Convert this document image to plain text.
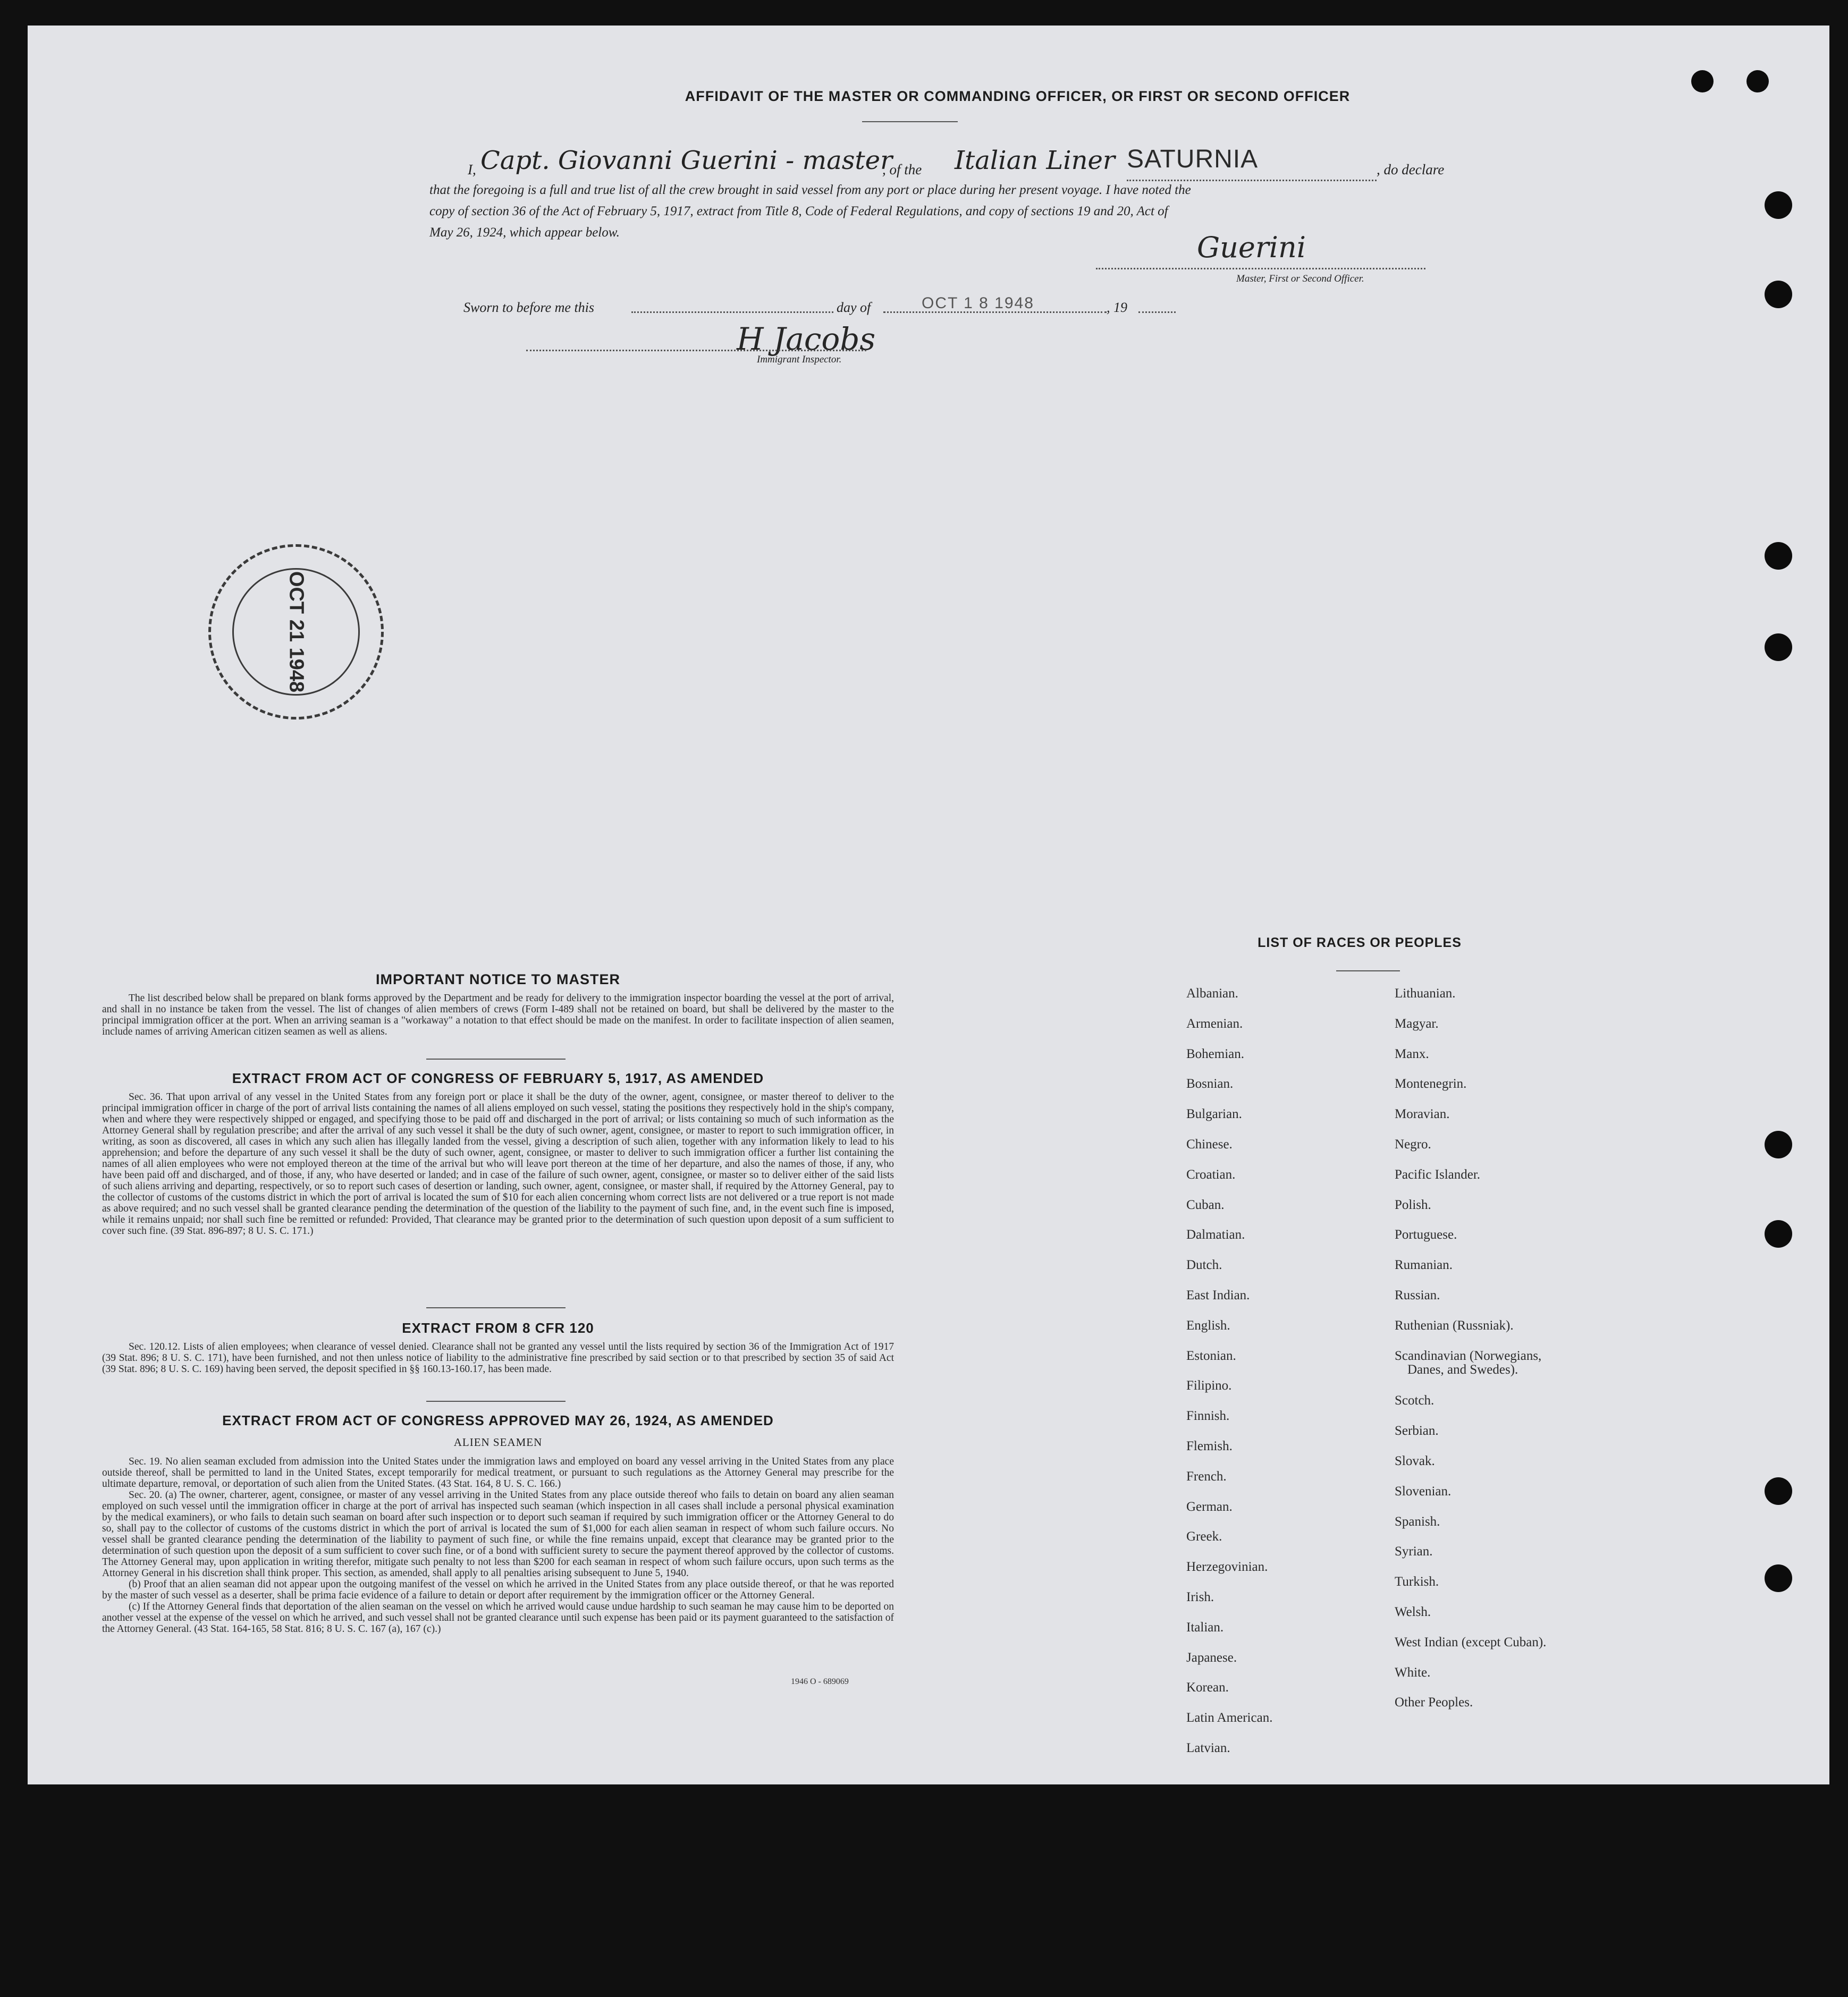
AFFIDAVIT OF THE MASTER OR COMMANDING OFFICER, OR FIRST OR SECOND OFFICER
I, Capt. Giovanni Guerini - master
, of the Italian Liner SATURNIA	, do declare
that the foregoing is a full and true list of all the crew brought in said vessel from any port or place during her present voyage. I have noted the
copy of section 36 of the Act of February 5, 1917, extract from Title 8, Code of Federal Regulations, and copy of sections 19 and 20, Act of
May 26, 1924, which appear below.	Guerini
Master, First or Second Officer.
Sworn to before me this	day of	OCT 1 8 1948	, 19
H Jacobs
Immigrant Inspector.
OCT 21 1948
IMPORTANT NOTICE TO MASTER

The list described below shall be prepared on blank forms approved by the Department and be ready for delivery to the immigration inspector boarding the vessel at the port of arrival, and shall in no instance be taken from the vessel. The list of changes of alien members of crews (Form I-489 shall not be retained on board, but shall be delivered by the master to the principal immigration officer at the port. When an arriving seaman is a "workaway" a notation to that effect should be made on the manifest. In order to facilitate inspection of alien seamen, include names of arriving American citizen seamen as well as aliens.

EXTRACT FROM ACT OF CONGRESS OF FEBRUARY 5, 1917, AS AMENDED

Sec. 36. That upon arrival of any vessel in the United States from any foreign port or place it shall be the duty of the owner, agent, consignee, or master thereof to deliver to the principal immigration officer in charge of the port of arrival lists containing the names of all aliens employed on such vessel, stating the positions they respectively hold in the ship's company, when and where they were respectively shipped or engaged, and specifying those to be paid off and discharged in the port of arrival; or lists containing so much of such information as the Attorney General shall by regulation prescribe; and after the arrival of any such vessel it shall be the duty of such owner, agent, consignee, or master to report to such immigration officer, in writing, as soon as discovered, all cases in which any such alien has illegally landed from the vessel, giving a description of such alien, together with any information likely to lead to his apprehension; and before the departure of any such vessel it shall be the duty of such owner, agent, consignee, or master to deliver to such immigration officer a further list containing the names of all alien employees who were not employed thereon at the time of the arrival but who will leave port thereon at the time of her departure, and also the names of those, if any, who have been paid off and discharged, and of those, if any, who have deserted or landed; and in case of the failure of such owner, agent, consignee, or master so to deliver either of the said lists of such aliens arriving and departing, respectively, or so to report such cases of desertion or landing, such owner, agent, consignee, or master shall, if required by the Attorney General, pay to the collector of customs of the customs district in which the port of arrival is located the sum of $10 for each alien concerning whom correct lists are not delivered or a true report is not made as above required; and no such vessel shall be granted clearance pending the determination of the question of the liability to the payment of such fine, and, in the event such fine is imposed, while it remains unpaid; nor shall such fine be remitted or refunded: Provided, That clearance may be granted prior to the determination of such question upon deposit of a sum sufficient to cover such fine. (39 Stat. 896-897; 8 U. S. C. 171.)

EXTRACT FROM 8 CFR 120

Sec. 120.12. Lists of alien employees; when clearance of vessel denied. Clearance shall not be granted any vessel until the lists required by section 36 of the Immigration Act of 1917 (39 Stat. 896; 8 U. S. C. 171), have been furnished, and not then unless notice of liability to the administrative fine prescribed by said section or to that prescribed by section 35 of said Act (39 Stat. 896; 8 U. S. C. 169) having been served, the deposit specified in §§ 160.13-160.17, has been made.

EXTRACT FROM ACT OF CONGRESS APPROVED MAY 26, 1924, AS AMENDED
ALIEN SEAMEN

Sec. 19. No alien seaman excluded from admission into the United States under the immigration laws and employed on board any vessel arriving in the United States from any place outside thereof, shall be permitted to land in the United States, except temporarily for medical treatment, or pursuant to such regulations as the Attorney General may prescribe for the ultimate departure, removal, or deportation of such alien from the United States. (43 Stat. 164, 8 U. S. C. 166.)

Sec. 20. (a) The owner, charterer, agent, consignee, or master of any vessel arriving in the United States from any place outside thereof who fails to detain on board any alien seaman employed on such vessel until the immigration officer in charge at the port of arrival has inspected such seaman (which inspection in all cases shall include a personal physical examination by the medical examiners), or who fails to detain such seaman on board after such inspection or to deport such seaman if required by such immigration officer or the Attorney General to do so, shall pay to the collector of customs of the customs district in which the port of arrival is located the sum of $1,000 for each alien seaman in respect of whom such failure occurs. No vessel shall be granted clearance pending the determination of the liability to payment of such fine, or while the fine remains unpaid, except that clearance may be granted prior to the determination of such question upon the deposit of a sum sufficient to cover such fine, or of a bond with sufficient surety to secure the payment thereof approved by the collector of customs. The Attorney General may, upon application in writing therefor, mitigate such penalty to not less than $200 for each seaman in respect of whom such failure occurs, upon such terms as the Attorney General in his discretion shall think proper. This section, as amended, shall apply to all penalties arising subsequent to June 5, 1940.

(b) Proof that an alien seaman did not appear upon the outgoing manifest of the vessel on which he arrived in the United States from any place outside thereof, or that he was reported by the master of such vessel as a deserter, shall be prima facie evidence of a failure to detain or deport after requirement by the immigration officer or the Attorney General.

(c) If the Attorney General finds that deportation of the alien seaman on the vessel on which he arrived would cause undue hardship to such seaman he may cause him to be deported on another vessel at the expense of the vessel on which he arrived, and such vessel shall not be granted clearance until such expense has been paid or its payment guaranteed to the satisfaction of the Attorney General. (43 Stat. 164-165, 58 Stat. 816; 8 U. S. C. 167 (a), 167 (c).)

1946 O - 689069
LIST OF RACES OR PEOPLES
Albanian.
Armenian.
Bohemian.
Bosnian.
Bulgarian.
Chinese.
Croatian.
Cuban.
Dalmatian.
Dutch.
East Indian.
English.
Estonian.
Filipino.
Finnish.
Flemish.
French.
German.
Greek.
Herzegovinian.
Irish.
Italian.
Japanese.
Korean.
Latin American.
Latvian.
Lithuanian.
Magyar.
Manx.
Montenegrin.
Moravian.
Negro.
Pacific Islander.
Polish.
Portuguese.
Rumanian.
Russian.
Ruthenian (Russniak).
Scandinavian (Norwegians,
Danes, and Swedes).
Scotch.
Serbian.
Slovak.
Slovenian.
Spanish.
Syrian.
Turkish.
Welsh.
West Indian (except Cuban).
White.
Other Peoples.
